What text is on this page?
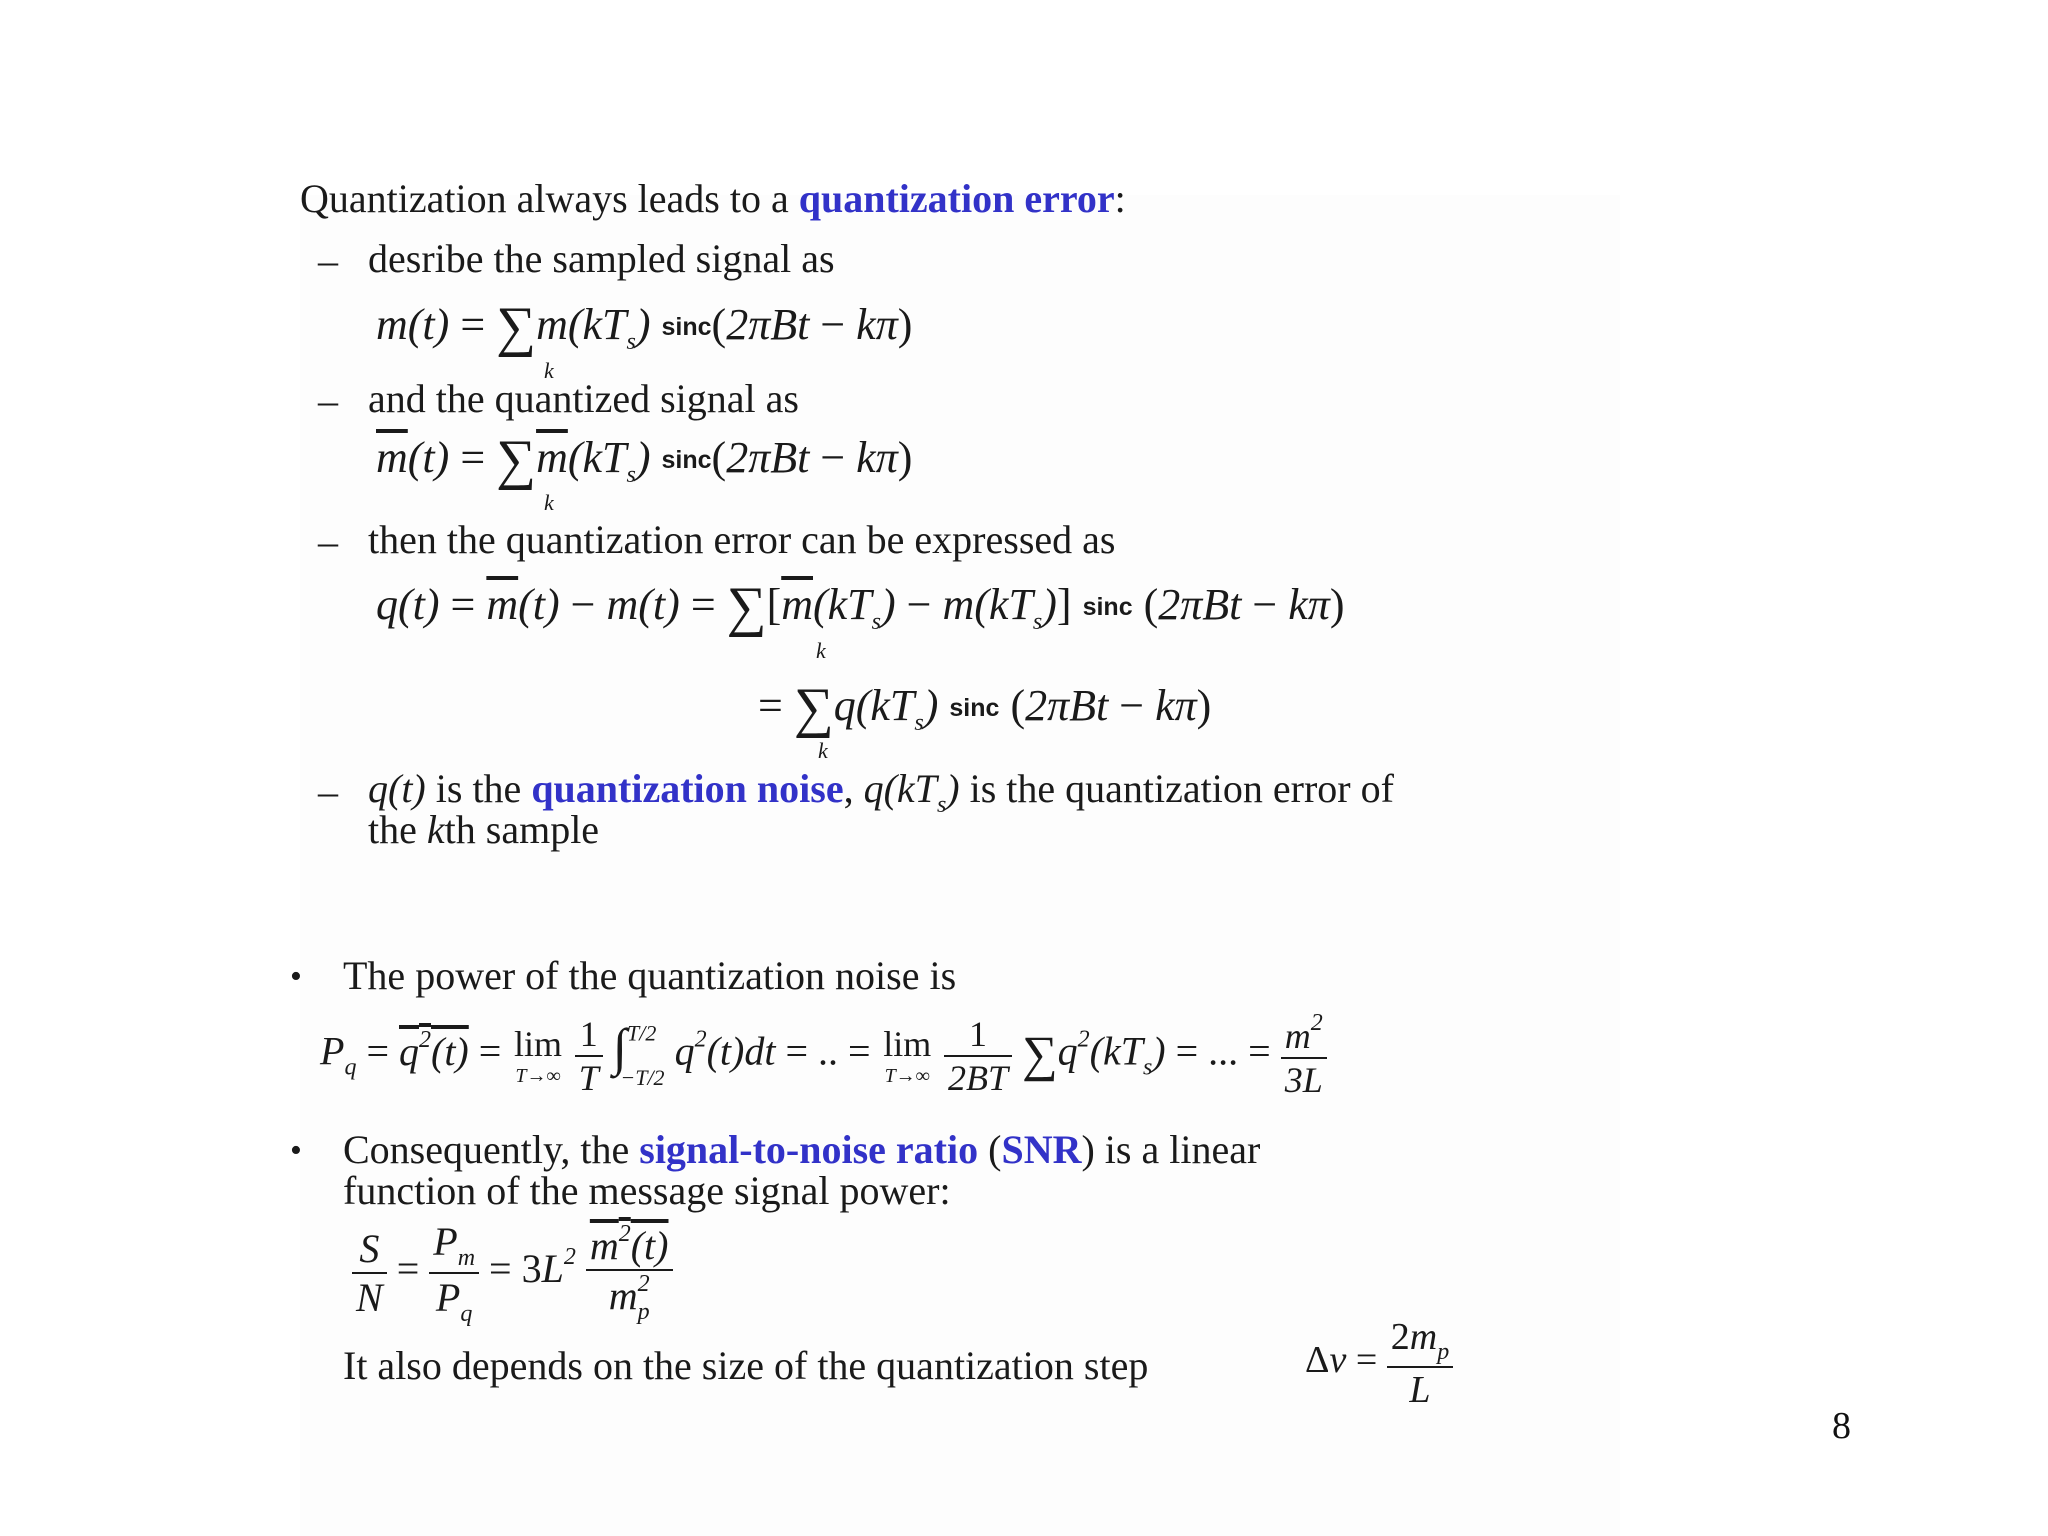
Quantization always leads to a quantization error:
– desribe the sampled signal as
$m(t) = \sum m(kT_s) \sin c(2\pi Bt - k\pi)$
k
– and the quantized signal as
$\overline{m}(t) = \sum\overline{m}(kT_s) \sin c(2\pi Bt - k\pi)$
k
– then the quantization error can be expressed as
$q(t) = \overline{m}(t) - m(t) = \sum[\overline{m}(kT_s) - m(kT_s)]$ sinc (2πBt − kπ)
k
= $\sum q(kT_s)$ sinc (2πBt − kπ)
k
– q(t) is the quantization noise, $q(kT_s)$ is the quantization error of
the kth sample
• The power of the quantization noise is
$P_q = q^2(t) = \lim$
T→∞
$\frac{1}{T} \int^{T/2}_{-T/2}$ $q^2(t)dt$ = .. = lim
T→∞
$\frac{1}{2BT} \sum q^2(kT_s)$ = ... = $\frac{m^2}{3L}$
• Consequently, the signal-to-noise ratio (SNR) is a linear
function of the message signal power:
$\frac{S}{N} = \frac{P_m}{P_q} = 3L^2 \frac{m^2(t)}{m^2_p}$
It also depends on the size of the quantization step	$\Delta v = \frac{2m_p}{L}$
8
